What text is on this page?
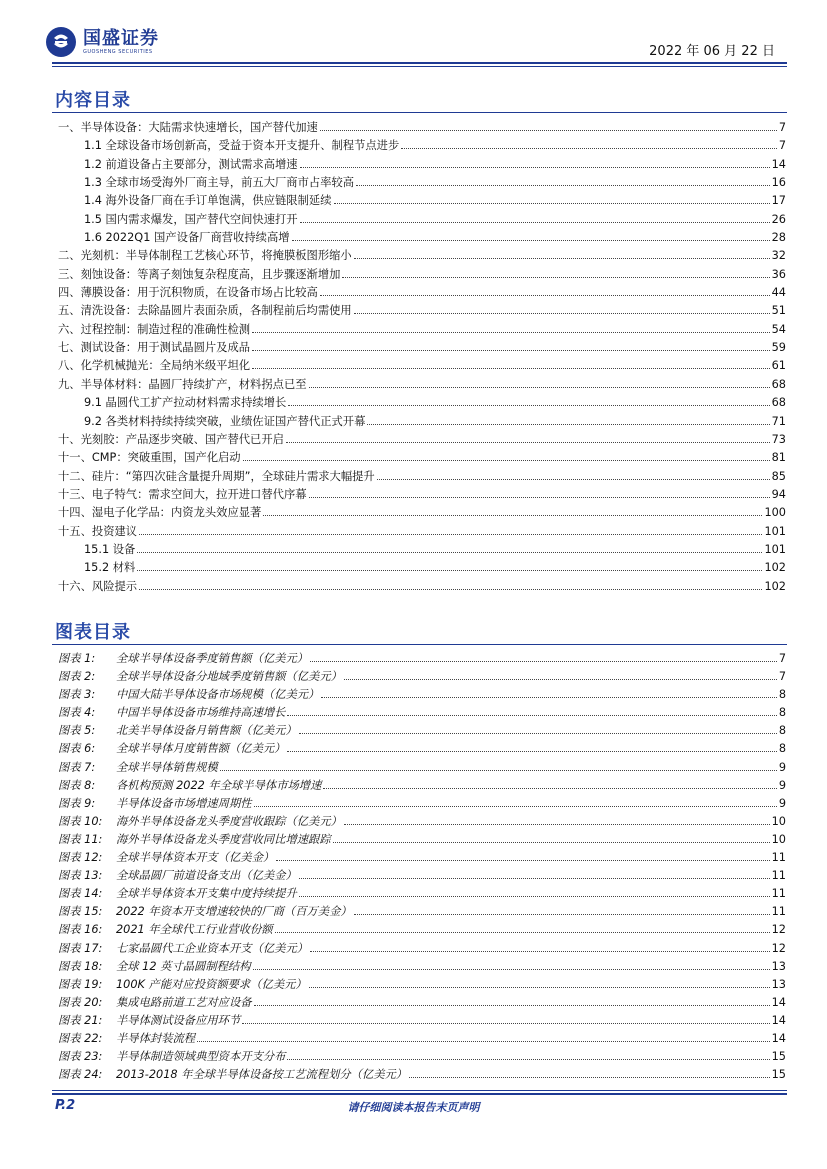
国盛证券
GUOSHENG SECURITIES	2022 年 06 月 22 日
内容目录
一、半导体设备：大陆需求快速增长，国产替代加速	7
1.1 全球设备市场创新高，受益于资本开支提升、制程节点进步	7
1.2 前道设备占主要部分，测试需求高增速	14
1.3 全球市场受海外厂商主导，前五大厂商市占率较高	16
1.4 海外设备厂商在手订单饱满，供应链限制延续	17
1.5 国内需求爆发，国产替代空间快速打开	26
1.6 2022Q1 国产设备厂商营收持续高增	28
二、光刻机：半导体制程工艺核心环节，将掩膜板图形缩小	32
三、刻蚀设备：等离子刻蚀复杂程度高，且步骤逐渐增加	36
四、薄膜设备：用于沉积物质，在设备市场占比较高	44
五、清洗设备：去除晶圆片表面杂质，各制程前后均需使用	51
六、过程控制：制造过程的准确性检测	54
七、测试设备：用于测试晶圆片及成品	59
八、化学机械抛光：全局纳米级平坦化	61
九、半导体材料：晶圆厂持续扩产，材料拐点已至	68
9.1 晶圆代工扩产拉动材料需求持续增长	68
9.2 各类材料持续持续突破，业绩佐证国产替代正式开幕	71
十、光刻胶：产品逐步突破、国产替代已开启	73
十一、CMP：突破重围，国产化启动	81
十二、硅片：“第四次硅含量提升周期”，全球硅片需求大幅提升	85
十三、电子特气：需求空间大，拉开进口替代序幕	94
十四、湿电子化学品：内资龙头效应显著	100
十五、投资建议	101
15.1 设备	101
15.2 材料	102
十六、风险提示	102
图表目录
图表 1:	全球半导体设备季度销售额（亿美元）	7
图表 2:	全球半导体设备分地域季度销售额（亿美元）	7
图表 3:	中国大陆半导体设备市场规模（亿美元）	8
图表 4:	中国半导体设备市场维持高速增长	8
图表 5:	北美半导体设备月销售额（亿美元）	8
图表 6:	全球半导体月度销售额（亿美元）	8
图表 7:	全球半导体销售规模	9
图表 8:	各机构预测 2022 年全球半导体市场增速	9
图表 9:	半导体设备市场增速周期性	9
图表 10:	海外半导体设备龙头季度营收跟踪（亿美元）	10
图表 11:	海外半导体设备龙头季度营收同比增速跟踪	10
图表 12:	全球半导体资本开支（亿美金）	11
图表 13:	全球晶圆厂前道设备支出（亿美金）	11
图表 14:	全球半导体资本开支集中度持续提升	11
图表 15:	2022 年资本开支增速较快的厂商（百万美金）	11
图表 16:	2021 年全球代工行业营收份额	12
图表 17:	七家晶圆代工企业资本开支（亿美元）	12
图表 18:	全球 12 英寸晶圆制程结构	13
图表 19:	100K 产能对应投资额要求（亿美元）	13
图表 20:	集成电路前道工艺对应设备	14
图表 21:	半导体测试设备应用环节	14
图表 22:	半导体封装流程	14
图表 23:	半导体制造领域典型资本开支分布	15
图表 24:	2013-2018 年全球半导体设备按工艺流程划分（亿美元）	15
P.2	请仔细阅读本报告末页声明
